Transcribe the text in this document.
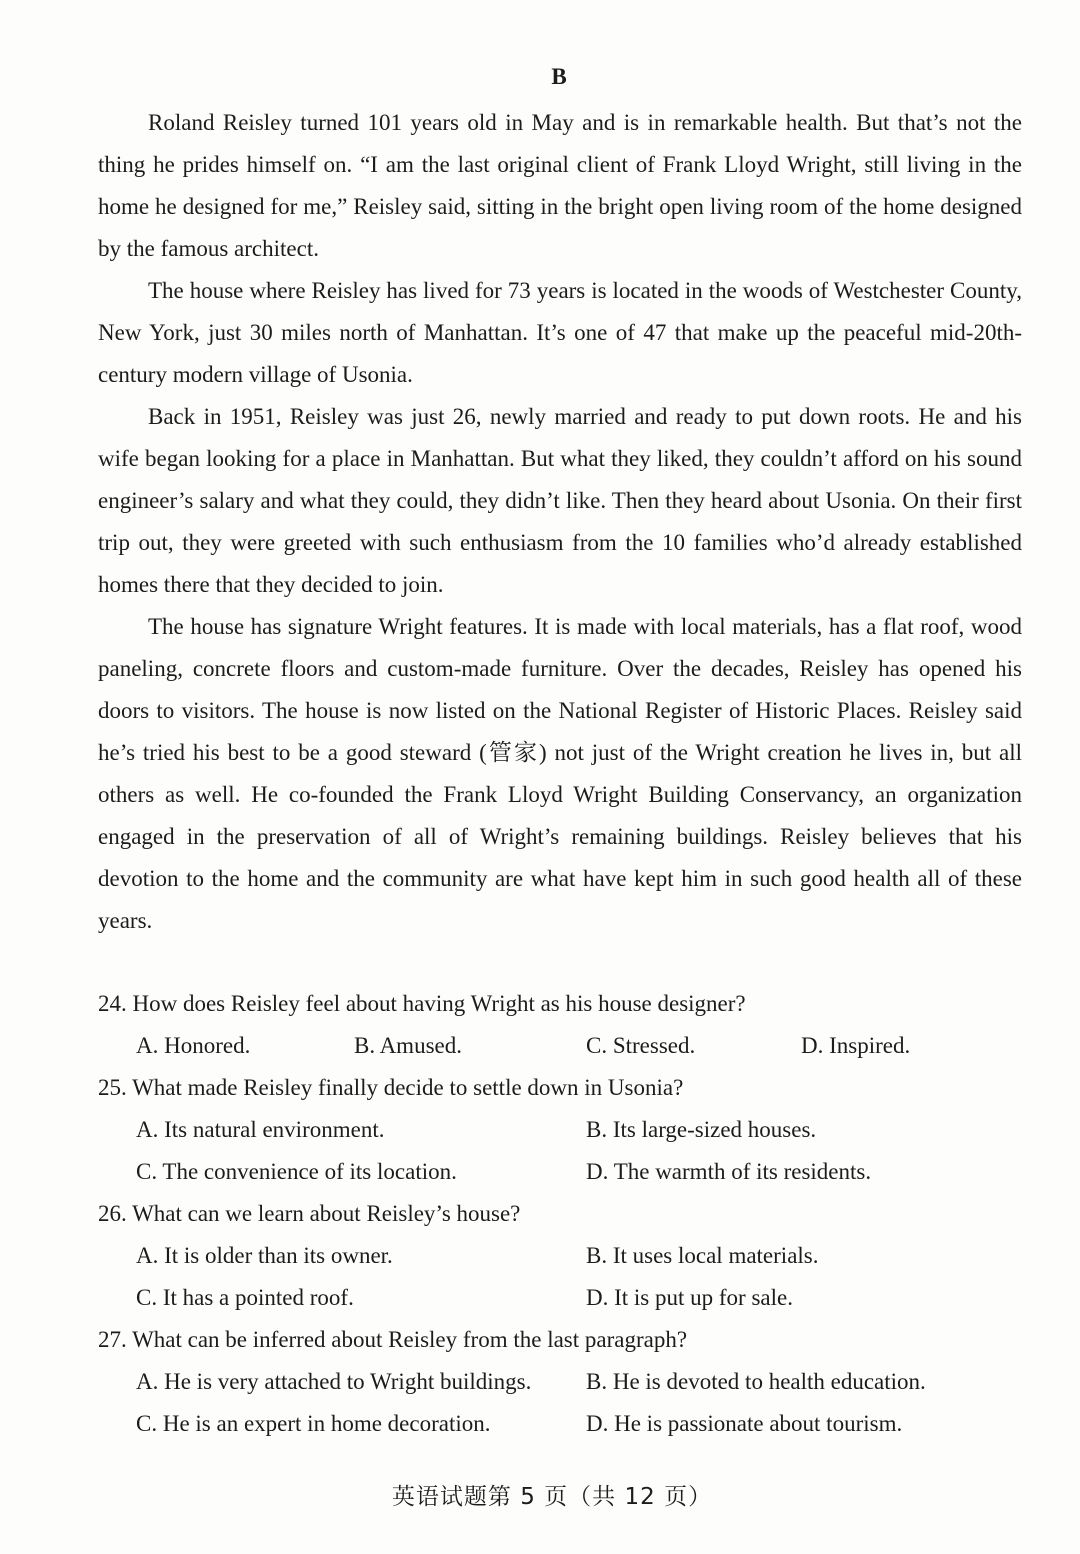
B

Roland Reisley turned 101 years old in May and is in remarkable health. But that’s not the thing he prides himself on. “I am the last original client of Frank Lloyd Wright, still living in the home he designed for me,” Reisley said, sitting in the bright open living room of the home designed by the famous architect.

The house where Reisley has lived for 73 years is located in the woods of Westchester County, New York, just 30 miles north of Manhattan. It’s one of 47 that make up the peaceful mid-20th-century modern village of Usonia.

Back in 1951, Reisley was just 26, newly married and ready to put down roots. He and his wife began looking for a place in Manhattan. But what they liked, they couldn’t afford on his sound engineer’s salary and what they could, they didn’t like. Then they heard about Usonia. On their first trip out, they were greeted with such enthusiasm from the 10 families who’d already established homes there that they decided to join.

The house has signature Wright features. It is made with local materials, has a flat roof, wood paneling, concrete floors and custom-made furniture. Over the decades, Reisley has opened his doors to visitors. The house is now listed on the National Register of Historic Places. Reisley said he’s tried his best to be a good steward (管家) not just of the Wright creation he lives in, but all others as well. He co-founded the Frank Lloyd Wright Building Conservancy, an organization engaged in the preservation of all of Wright’s remaining buildings. Reisley believes that his devotion to the home and the community are what have kept him in such good health all of these years.

24. How does Reisley feel about having Wright as his house designer?

A. Honored.	B. Amused.	C. Stressed.	D. Inspired.

25. What made Reisley finally decide to settle down in Usonia?

A. Its natural environment.	B. Its large-sized houses.
C. The convenience of its location.	D. The warmth of its residents.

26. What can we learn about Reisley’s house?

A. It is older than its owner.	B. It uses local materials.
C. It has a pointed roof.	D. It is put up for sale.

27. What can be inferred about Reisley from the last paragraph?

A. He is very attached to Wright buildings. B. He is devoted to health education.
C. He is an expert in home decoration.	D. He is passionate about tourism.
英语试题第 5 页（共 12 页）
